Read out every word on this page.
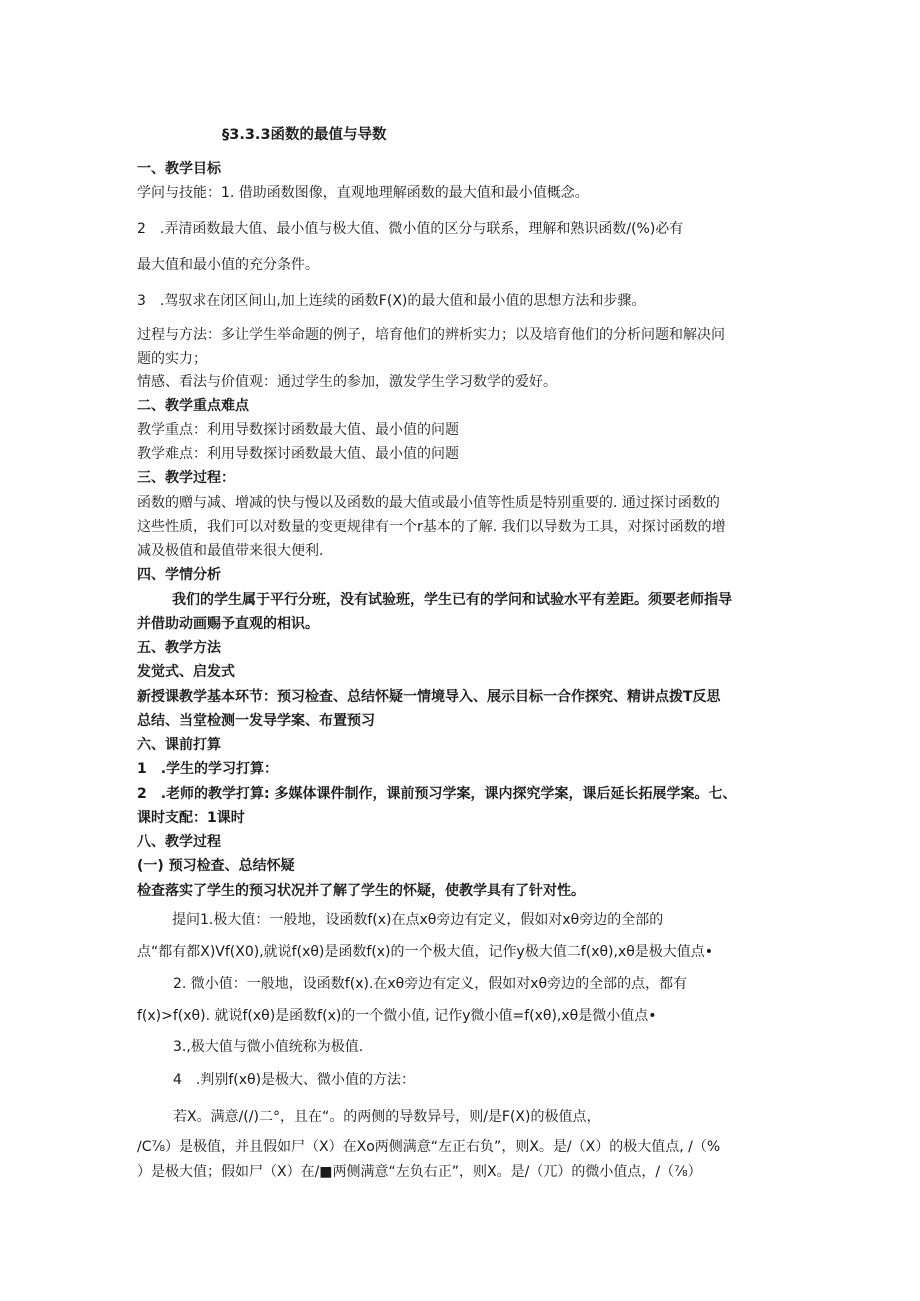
§3.3.3函数的最值与导数
一、教学目标
学问与技能：1. 借助函数图像，直观地理解函数的最大值和最小值概念。
2　.弄清函数最大值、最小值与极大值、微小值的区分与联系，理解和熟识函数/(%)必有
最大值和最小值的充分条件。
3　.驾驭求在闭区间山,加上连续的函数F(X)的最大值和最小值的思想方法和步骤。
过程与方法：多让学生举命题的例子，培育他们的辨析实力；以及培育他们的分析问题和解决问
题的实力；
情感、看法与价值观：通过学生的参加，激发学生学习数学的爱好。
二、教学重点难点
教学重点：利用导数探讨函数最大值、最小值的问题
教学难点：利用导数探讨函数最大值、最小值的问题
三、教学过程：
函数的赠与减、增减的快与慢以及函数的最大值或最小值等性质是特别重要的. 通过探讨函数的
这些性质，我们可以对数量的变更规律有一个r基本的了解. 我们以导数为工具，对探讨函数的增
减及极值和最值带来很大便利.
四、学情分析
我们的学生属于平行分班，没有试验班，学生已有的学问和试验水平有差距。须要老师指导
并借助动画赐予直观的相识。
五、教学方法
发觉式、启发式
新授课教学基本环节：预习检查、总结怀疑一情境导入、展示目标一合作探究、精讲点拨T反思
总结、当堂检测一发导学案、布置预习
六、课前打算
1　.学生的学习打算：
2　.老师的教学打算: 多媒体课件制作，课前预习学案，课内探究学案，课后延长拓展学案。七、
课时支配：1课时
八、教学过程
(一) 预习检查、总结怀疑
检查落实了学生的预习状况并了解了学生的怀疑，使教学具有了针对性。
提问1.极大值：一般地，设函数f(x)在点xθ旁边有定义，假如对xθ旁边的全部的
点“都有都X)Vf(X0),就说f(xθ)是函数f(x)的一个极大值，记作y极大值二f(xθ),xθ是极大值点•
2. 微小值：一般地，设函数f(x).在xθ旁边有定义，假如对xθ旁边的全部的点，都有
f(x)>f(xθ). 就说f(xθ)是函数f(x)的一个微小值, 记作y微小值=f(xθ),xθ是微小值点•
3.,极大值与微小值统称为极值.
4　.判别f(xθ)是极大、微小值的方法：
若X。满意/(/)二°，且在“。的两侧的导数异号，则/是F(X)的极值点，
∕C⅞）是极值，并且假如尸（X）在Xo两侧满意“左正右负”，则X。是/（X）的极大值点, /（%
）是极大值；假如尸（X）在/■两侧满意“左负右正”，则X。是/（兀）的微小值点，/（⅞）
